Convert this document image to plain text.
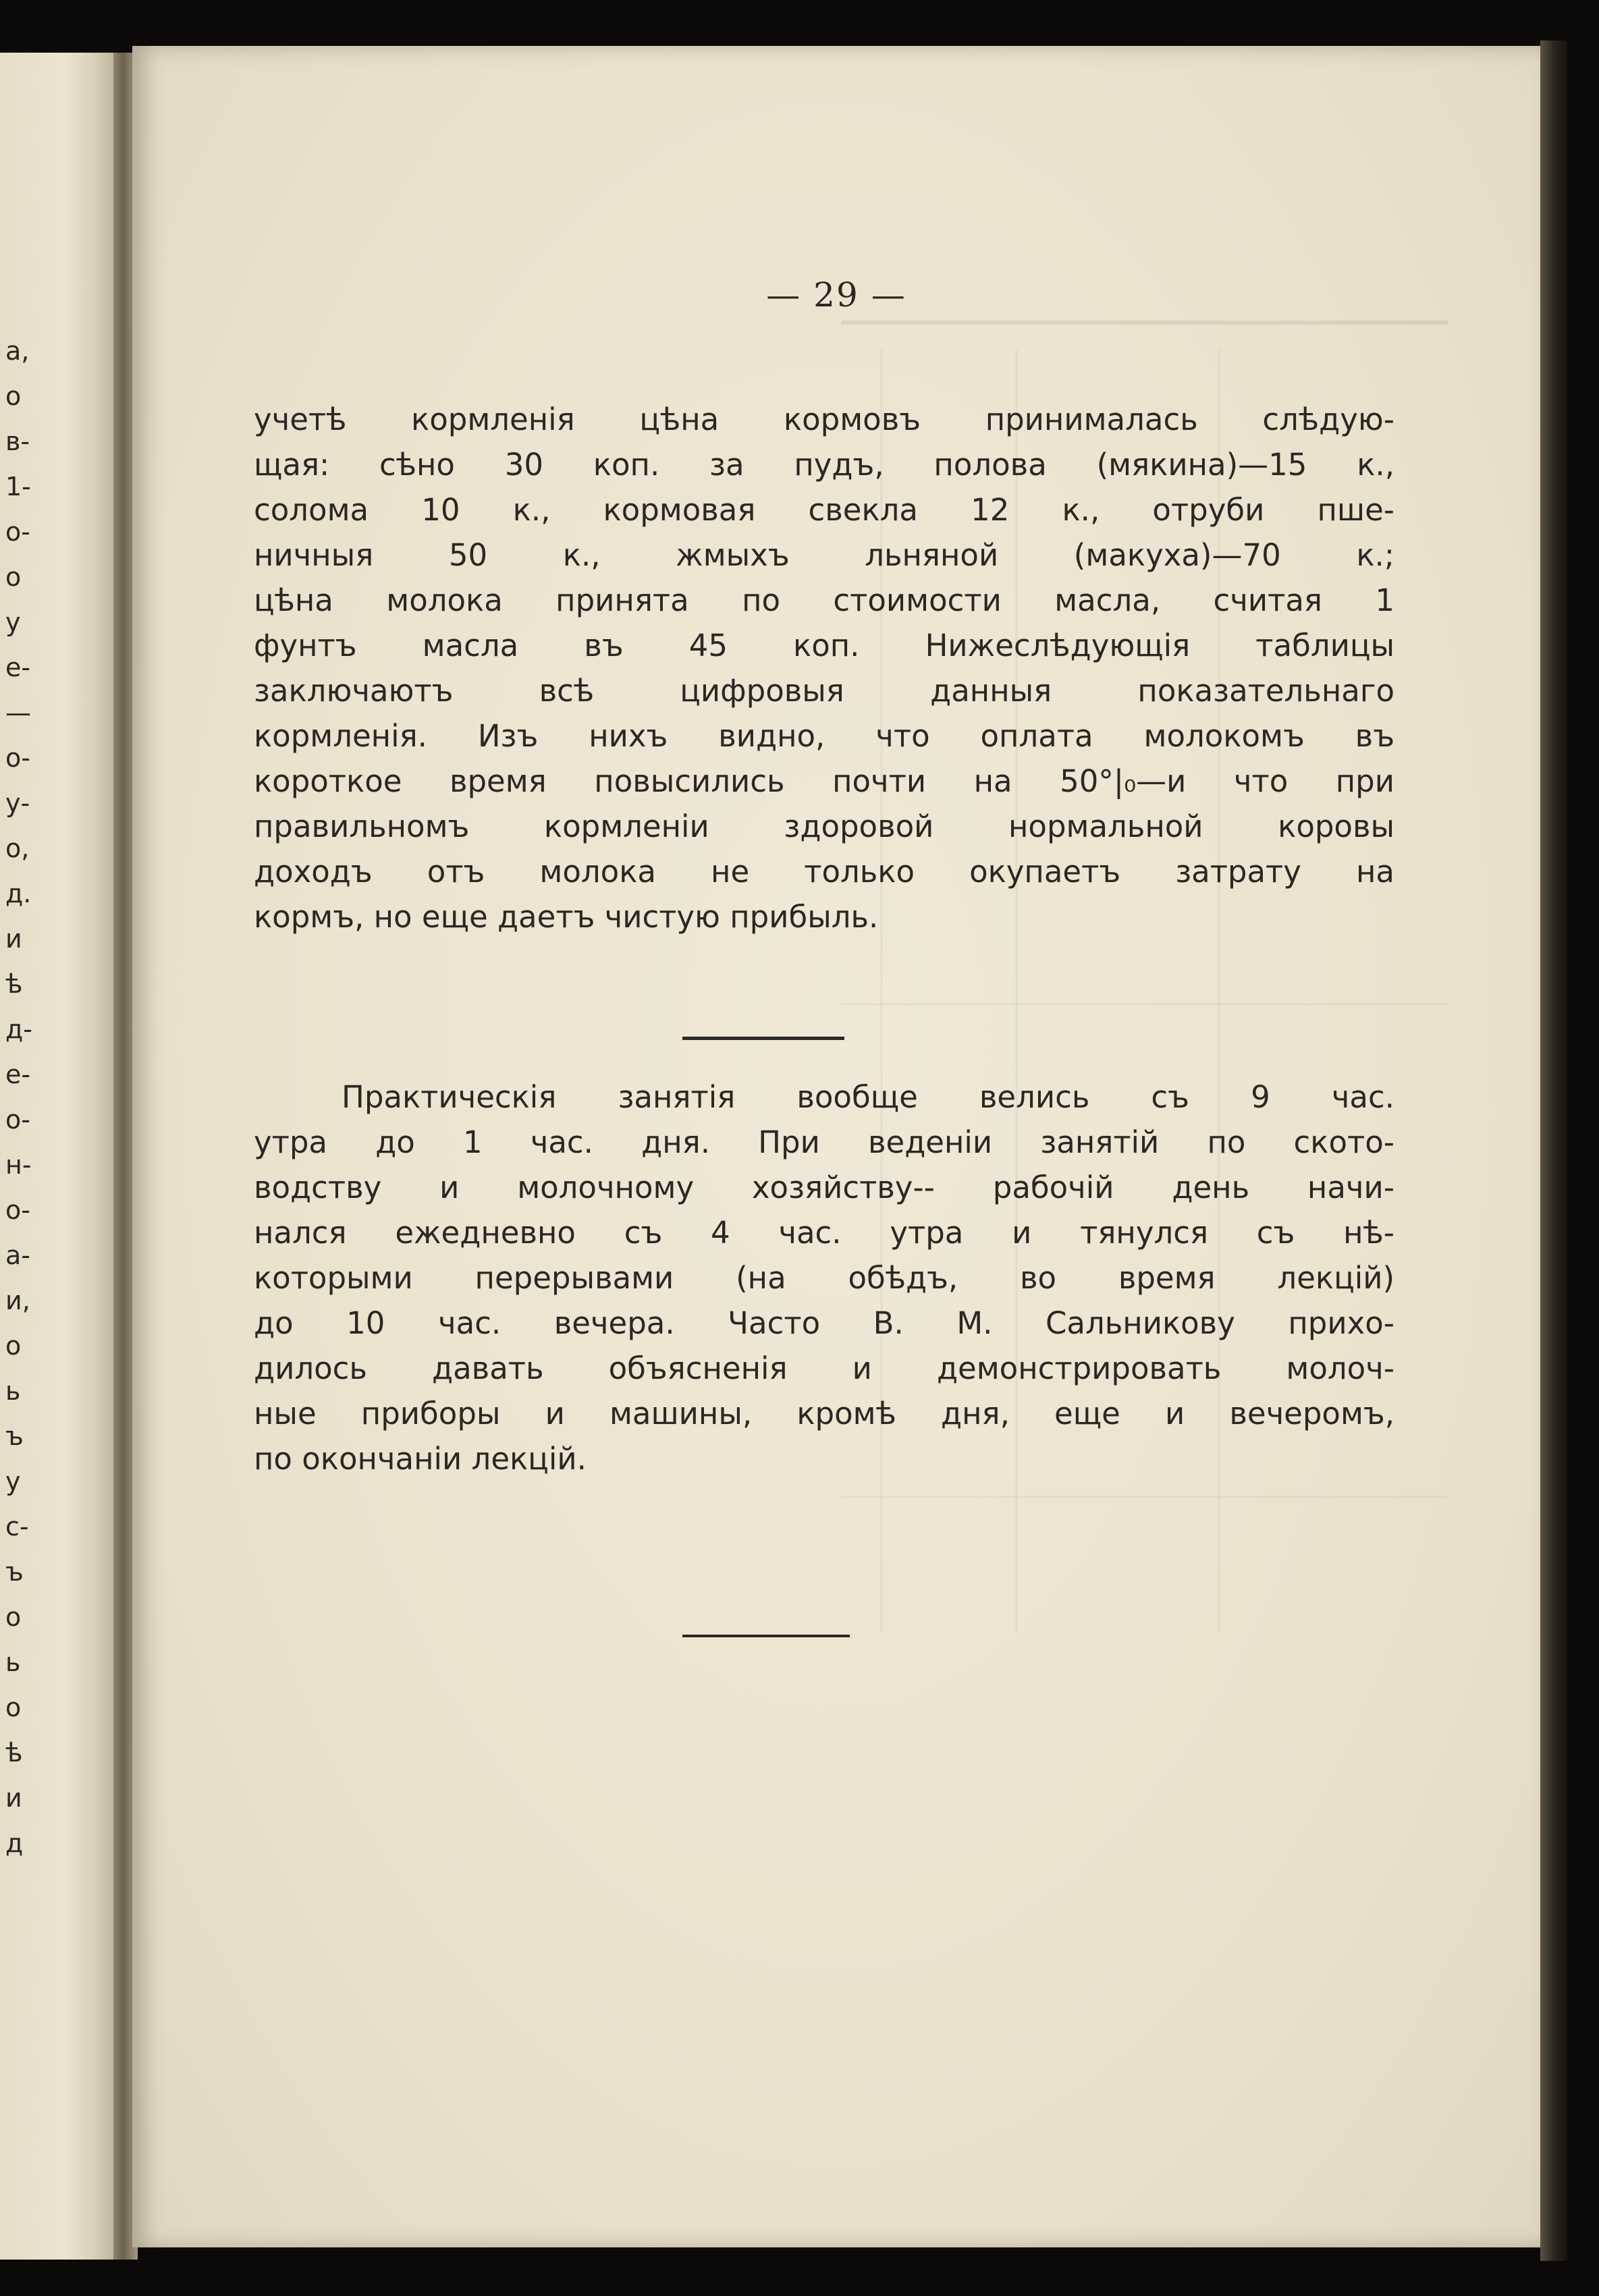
а,
о
в-
1-
о-
о
у
е-
—
о-
у-
о,
д.
и
ѣ
д-
е-
о-
н-
о-
а-
и,
о
ь
ъ
у
с-
ъ
о
ь
о
ѣ
и
д
— 29 —

учетѣ кормленія цѣна кормовъ принималась слѣдую-
щая: сѣно 30 коп. за пудъ, полова (мякина)—15 к.,
солома 10 к., кормовая свекла 12 к., отруби пше-
ничныя 50 к., жмыхъ льняной (макуха)—70 к.;
цѣна молока принята по стоимости масла, считая 1
фунтъ масла въ 45 коп. Нижеслѣдующія таблицы
заключаютъ всѣ цифровыя данныя показательнаго
кормленія. Изъ нихъ видно, что оплата молокомъ въ
короткое время повысились почти на 50°|₀—и что при
правильномъ кормленіи здоровой нормальной коровы
доходъ отъ молока не только окупаетъ затрату на
кормъ, но еще даетъ чистую прибыль.

Практическія занятія вообще велись съ 9 час.
утра до 1 час. дня. При веденіи занятій по ското-
водству и молочному хозяйству-- рабочій день начи-
нался ежедневно съ 4 час. утра и тянулся съ нѣ-
которыми перерывами (на обѣдъ, во время лекцій)
до 10 час. вечера. Часто В. М. Сальникову прихо-
дилось давать объясненія и демонстрировать молоч-
ные приборы и машины, кромѣ дня, еще и вечеромъ,
по окончаніи лекцій.
